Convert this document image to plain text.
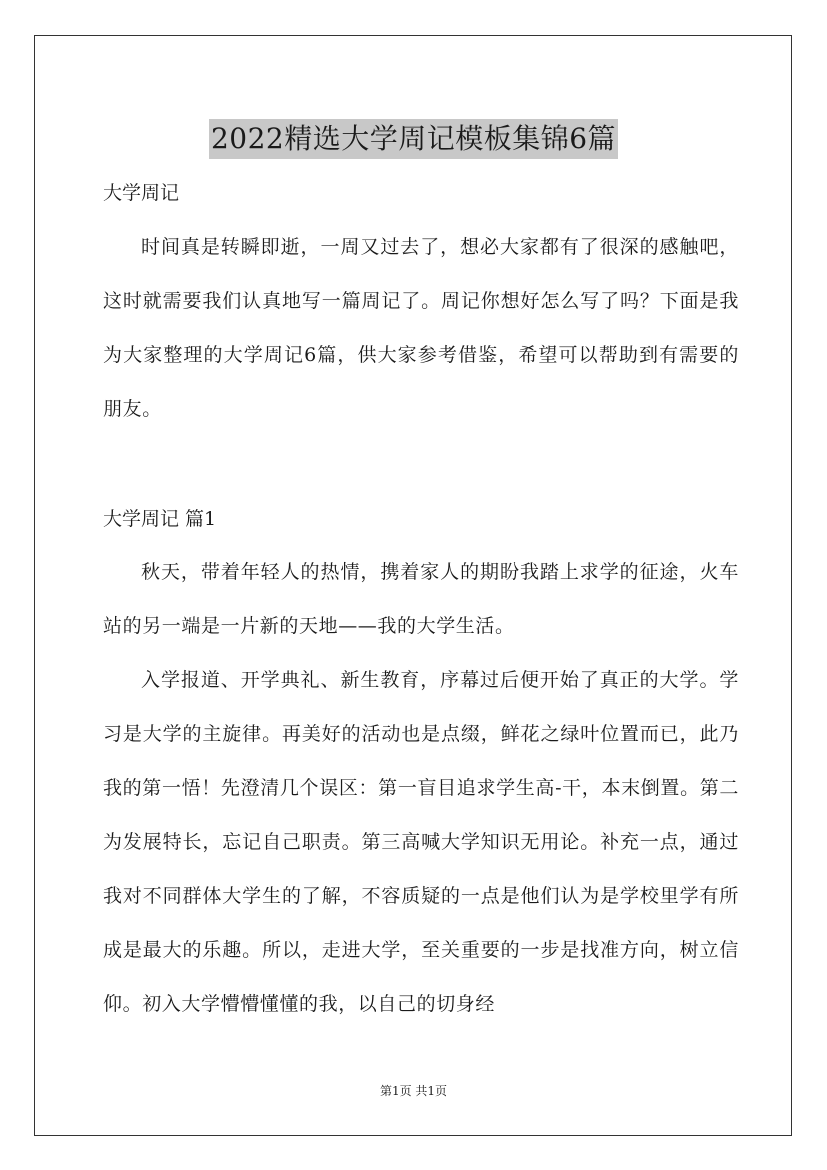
2022精选大学周记模板集锦6篇
大学周记

时间真是转瞬即逝，一周又过去了，想必大家都有了很深的感触吧，这时就需要我们认真地写一篇周记了。周记你想好怎么写了吗？下面是我为大家整理的大学周记6篇，供大家参考借鉴，希望可以帮助到有需要的朋友。

大学周记 篇1

秋天，带着年轻人的热情，携着家人的期盼我踏上求学的征途，火车站的另一端是一片新的天地——我的大学生活。

入学报道、开学典礼、新生教育，序幕过后便开始了真正的大学。学习是大学的主旋律。再美好的活动也是点缀，鲜花之绿叶位置而已，此乃我的第一悟！先澄清几个误区：第一盲目追求学生高-干，本末倒置。第二为发展特长，忘记自己职责。第三高喊大学知识无用论。补充一点，通过我对不同群体大学生的了解，不容质疑的一点是他们认为是学校里学有所成是最大的乐趣。所以，走进大学，至关重要的一步是找准方向，树立信仰。初入大学懵懵懂懂的我，以自己的切身经

第1页 共1页
